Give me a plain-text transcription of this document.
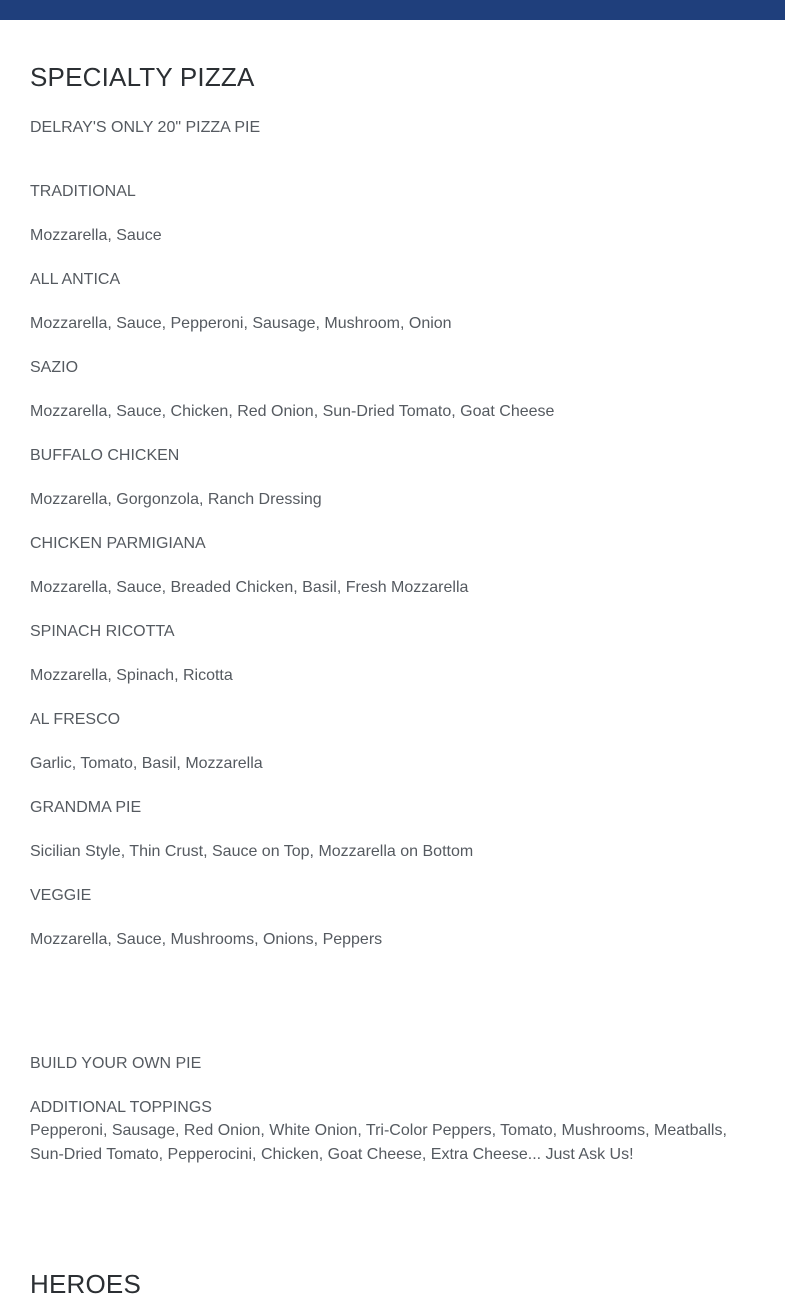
SPECIALTY PIZZA
DELRAY'S ONLY 20" PIZZA PIE
TRADITIONAL
Mozzarella, Sauce
ALL ANTICA
Mozzarella, Sauce, Pepperoni, Sausage, Mushroom, Onion
SAZIO
Mozzarella, Sauce, Chicken, Red Onion, Sun-Dried Tomato, Goat Cheese
BUFFALO CHICKEN
Mozzarella, Gorgonzola, Ranch Dressing
CHICKEN PARMIGIANA
Mozzarella, Sauce, Breaded Chicken, Basil, Fresh Mozzarella
SPINACH RICOTTA
Mozzarella, Spinach, Ricotta
AL FRESCO
Garlic, Tomato, Basil, Mozzarella
GRANDMA PIE
Sicilian Style, Thin Crust, Sauce on Top, Mozzarella on Bottom
VEGGIE
Mozzarella, Sauce, Mushrooms, Onions, Peppers
BUILD YOUR OWN PIE
ADDITIONAL TOPPINGS
Pepperoni, Sausage, Red Onion, White Onion, Tri-Color Peppers, Tomato, Mushrooms, Meatballs, Sun-Dried Tomato, Pepperocini, Chicken, Goat Cheese, Extra Cheese... Just Ask Us!
HEROES
